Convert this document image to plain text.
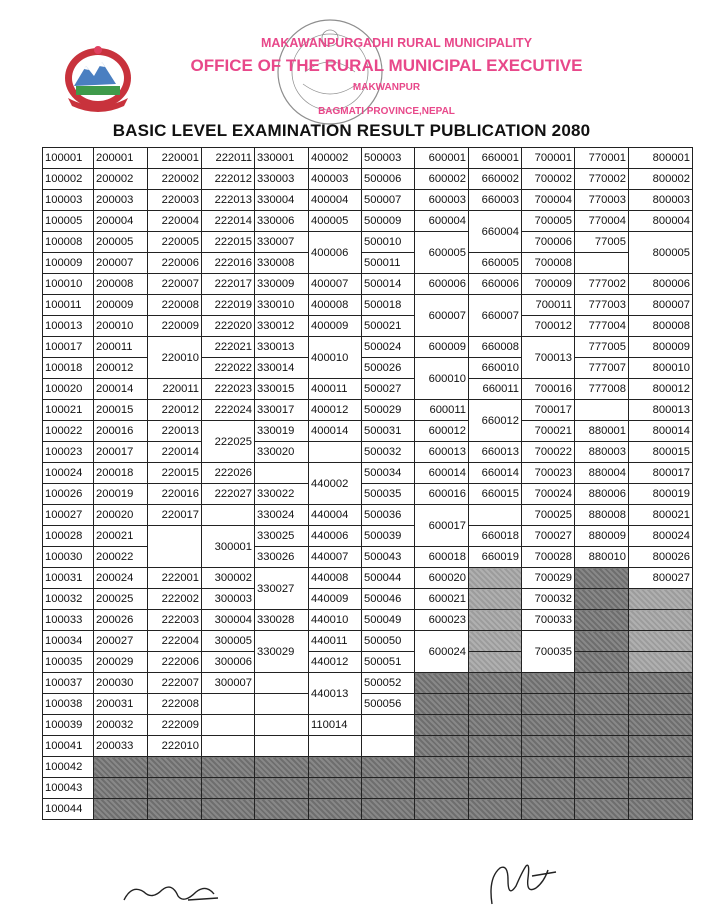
MAKAWANPURGADHI RURAL MUNICIPALITY
OFFICE OF THE RURAL MUNICIPAL EXECUTIVE
MAKWANPUR
BAGMATI PROVINCE,NEPAL
BASIC LEVEL EXAMINATION RESULT PUBLICATION 2080
100001	200001	220001	222011	330001	400002	500003	600001	660001	700001	770001	800001
100002	200002	220002	222012	330003	400003	500006	600002	660002	700002	770002	800002
100003	200003	220003	222013	330004	400004	500007	600003	660003	700004	770003	800003
100005	200004	220004	222014	330006	400005	500009	600004	660004	700005	770004	800004
100008	200005	220005	222015	330007	400006	500010	600005		700006	77005	800005
100009	200007	220006	222016	330008		500011		660005	700008		
100010	200008	220007	222017	330009	400007	500014	600006	660006	700009	777002	800006
100011	200009	220008	222019	330010	400008	500018	600007	660007	700011	777003	800007
100013	200010	220009	222020	330012	400009	500021			700012	777004	800008
100017	200011	220010	222021	330013	400010	500024	600009	660008	700013	777005	800009
100018	200012		222022	330014		500026	600010	660010		777007	800010
100020	200014	220011	222023	330015	400011	500027		660011	700016	777008	800012
100021	200015	220012	222024	330017	400012	500029	600011	660012	700017		800013
100022	200016	220013	222025	330019	400014	500031	600012		700021	880001	800014
100023	200017	220014		330020		500032	600013	660013	700022	880003	800015
100024	200018	220015	222026		440002	500034	600014	660014	700023	880004	800017
100026	200019	220016	222027	330022		500035	600016	660015	700024	880006	800019
100027	200020	220017		330024	440004	500036	600017		700025	880008	800021
100028	200021		300001	330025	440006	500039		660018	700027	880009	800024
100030	200022			330026	440007	500043	600018	660019	700028	880010	800026
100031	200024	222001	300002	330027	440008	500044	600020		700029		800027
100032	200025	222002	300003		440009	500046	600021		700032		
100033	200026	222003	300004	330028	440010	500049	600023		700033		
100034	200027	222004	300005	330029	440011	500050	600024		700035		
100035	200029	222006	300006		440012	500051					
100037	200030	222007	300007		440013	500052					
100038	200031	222008				500056					
100039	200032	222009			110014						
100041	200033	222010									
100042											
100043											
100044											
